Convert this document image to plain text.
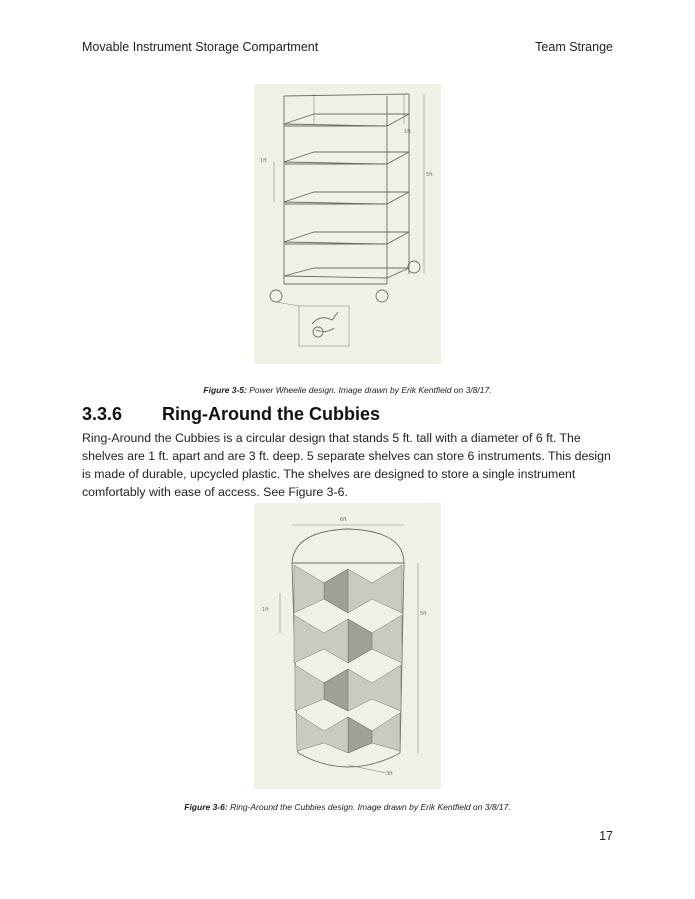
Movable Instrument Storage Compartment	Team Strange
1ft
1ft
5ft
Figure 3-5: Power Wheelie design. Image drawn by Erik Kentfield on 3/8/17.
3.3.6 Ring-Around the Cubbies
Ring-Around the Cubbies is a circular design that stands 5 ft. tall with a diameter of 6 ft. The shelves are 1 ft. apart and are 3 ft. deep. 5 separate shelves can store 6 instruments. This design is made of durable, upcycled plastic. The shelves are designed to store a single instrument comfortably with ease of access. See Figure 3-6.
6ft
1ft
5ft
3ft
Figure 3-6: Ring-Around the Cubbies design. Image drawn by Erik Kentfield on 3/8/17.
17
